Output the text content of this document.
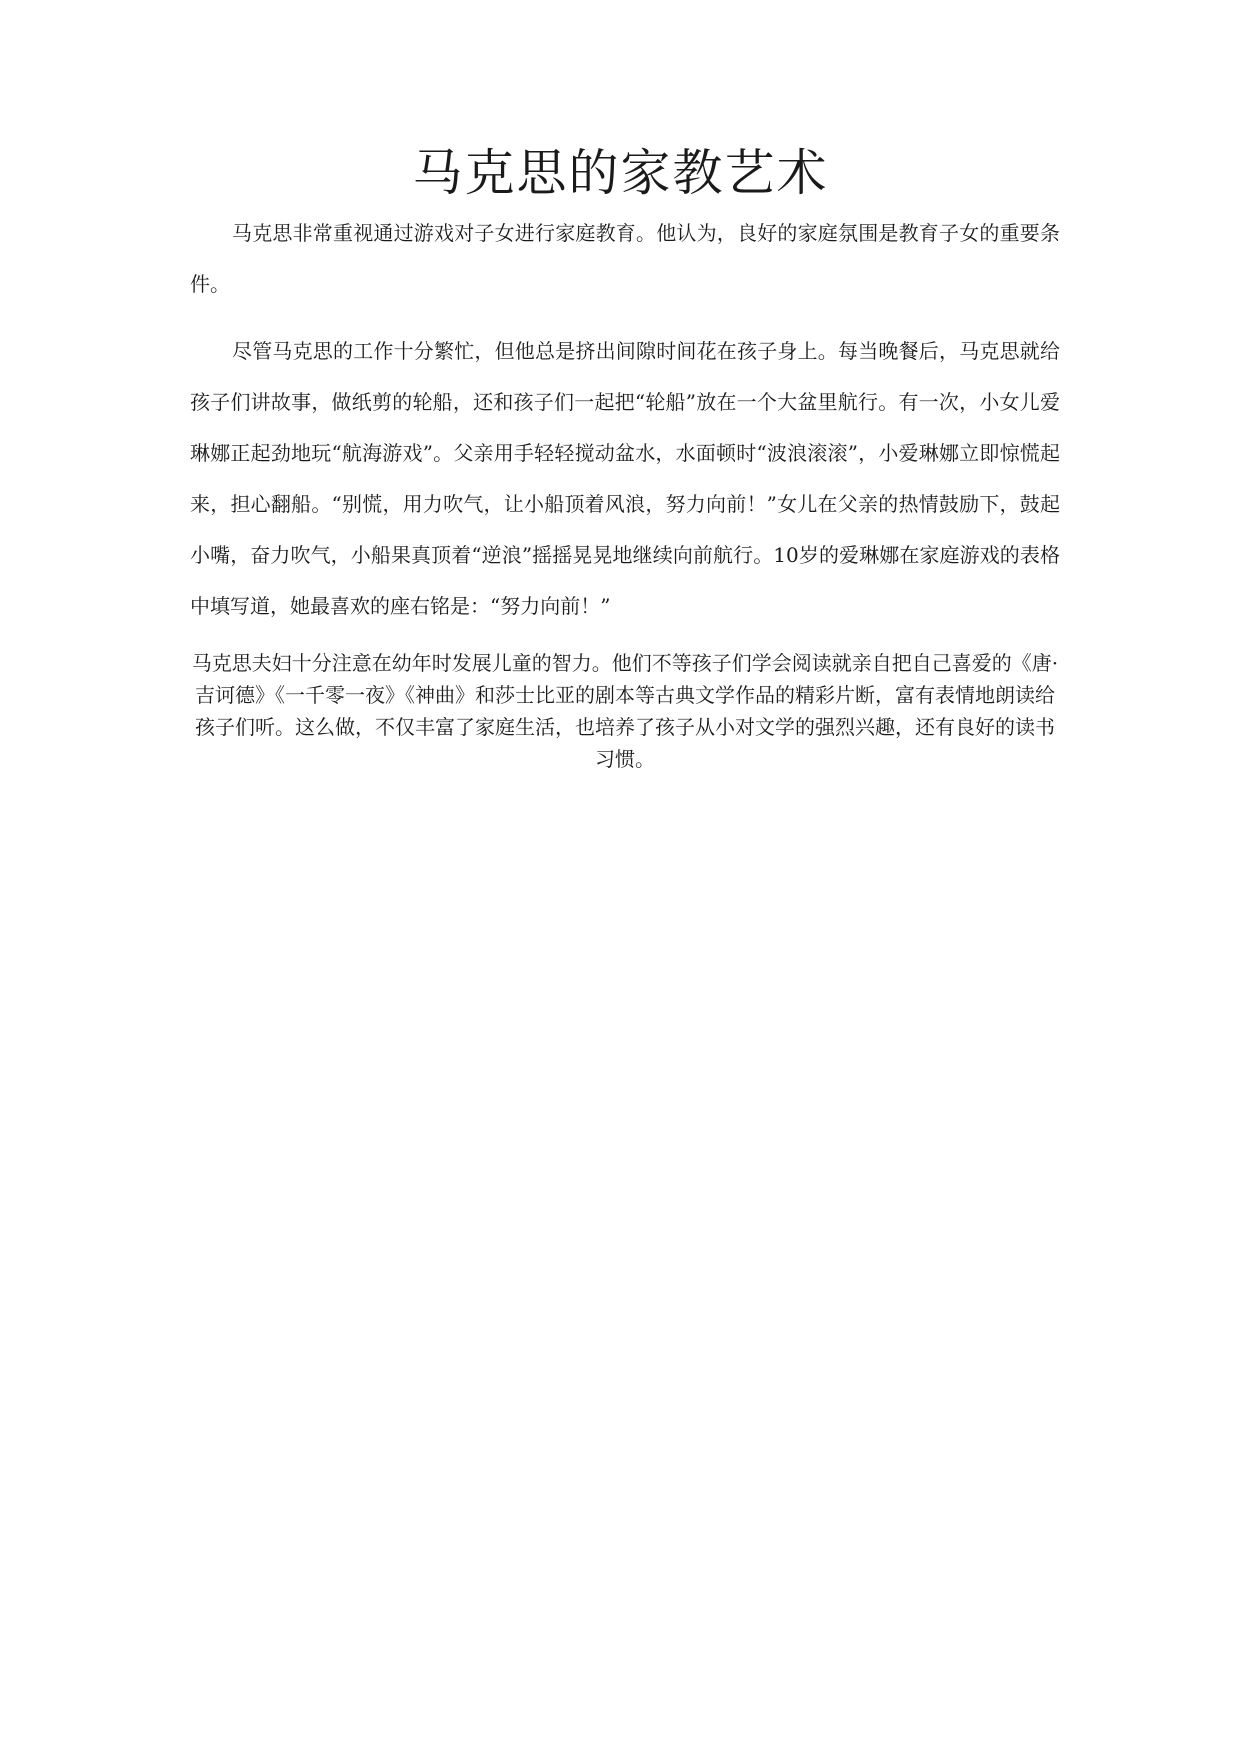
马克思的家教艺术

马克思非常重视通过游戏对子女进行家庭教育。他认为，良好的家庭氛围是教育子女的重要条件。

尽管马克思的工作十分繁忙，但他总是挤出间隙时间花在孩子身上。每当晚餐后，马克思就给孩子们讲故事，做纸剪的轮船，还和孩子们一起把“轮船”放在一个大盆里航行。有一次，小女儿爱琳娜正起劲地玩“航海游戏”。父亲用手轻轻搅动盆水，水面顿时“波浪滚滚”，小爱琳娜立即惊慌起来，担心翻船。“别慌，用力吹气，让小船顶着风浪，努力向前！”女儿在父亲的热情鼓励下，鼓起小嘴，奋力吹气，小船果真顶着“逆浪”摇摇晃晃地继续向前航行。10岁的爱琳娜在家庭游戏的表格中填写道，她最喜欢的座右铭是：“努力向前！”

马克思夫妇十分注意在幼年时发展儿童的智力。他们不等孩子们学会阅读就亲自把自己喜爱的《唐·吉诃德》《一千零一夜》《神曲》和莎士比亚的剧本等古典文学作品的精彩片断，富有表情地朗读给孩子们听。这么做，不仅丰富了家庭生活，也培养了孩子从小对文学的强烈兴趣，还有良好的读书习惯。
